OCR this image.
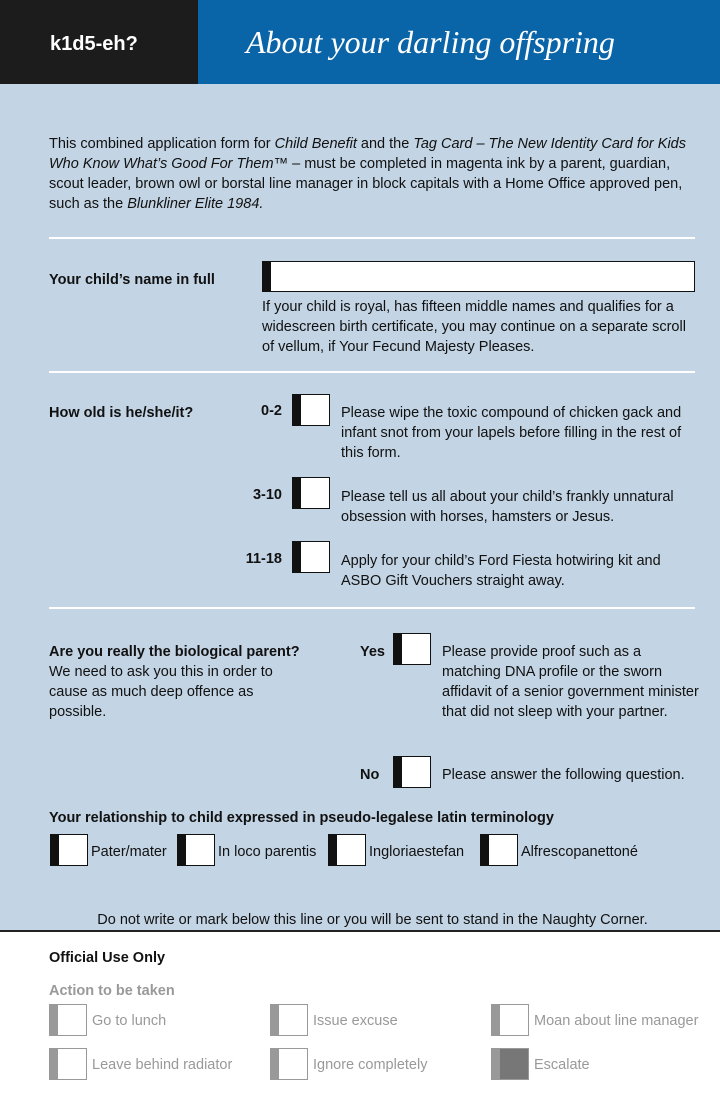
k1d5-eh?	About your darling offspring
This combined application form for Child Benefit and the Tag Card – The New Identity Card for Kids Who Know What’s Good For Them™ – must be completed in magenta ink by a parent, guardian, scout leader, brown owl or borstal line manager in block capitals with a Home Office approved pen, such as the Blunkliner Elite 1984.
Your child’s name in full
If your child is royal, has fifteen middle names and qualifies for a widescreen birth certificate, you may continue on a separate scroll of vellum, if Your Fecund Majesty Pleases.
How old is he/she/it?	0-2	Please wipe the toxic compound of chicken gack and infant snot from your lapels before filling in the rest of this form.
3-10	Please tell us all about your child’s frankly unnatural obsession with horses, hamsters or Jesus.
11-18	Apply for your child’s Ford Fiesta hotwiring kit and ASBO Gift Vouchers straight away.
Are you really the biological parent?
We need to ask you this in order to cause as much deep offence as possible.
Yes	Please provide proof such as a matching DNA profile or the sworn affidavit of a senior government minister that did not sleep with your partner.
No	Please answer the following question.
Your relationship to child expressed in pseudo-legalese latin terminology
Pater/mater	In loco parentis	Ingloriaestefan	Alfrescopanettoné
Do not write or mark below this line or you will be sent to stand in the Naughty Corner.
Official Use Only
Action to be taken
Go to lunch	Issue excuse	Moan about line manager
Leave behind radiator	Ignore completely	Escalate
